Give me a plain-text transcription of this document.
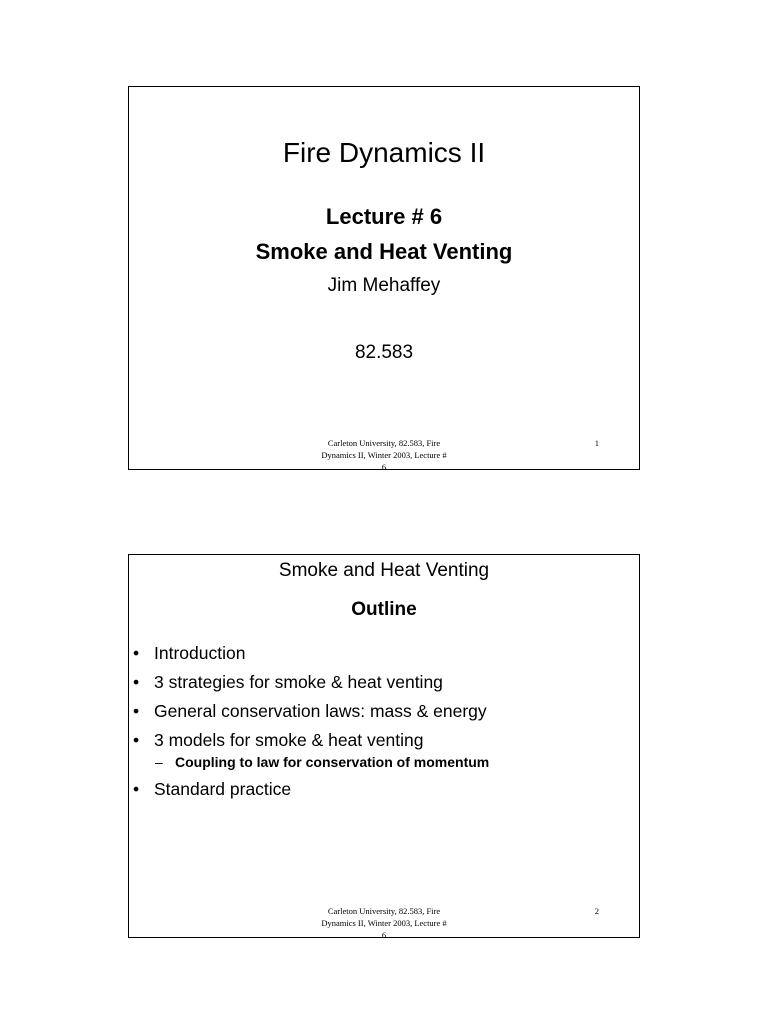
Fire Dynamics II
Lecture # 6
Smoke and Heat Venting
Jim Mehaffey
82.583
Carleton University, 82.583, Fire
Dynamics II, Winter 2003, Lecture #
6
1
Smoke and Heat Venting
Outline
• Introduction
• 3 strategies for smoke & heat venting
• General conservation laws: mass & energy
• 3 models for smoke & heat venting
– Coupling to law for conservation of momentum
• Standard practice
Carleton University, 82.583, Fire
Dynamics II, Winter 2003, Lecture #
6
2
